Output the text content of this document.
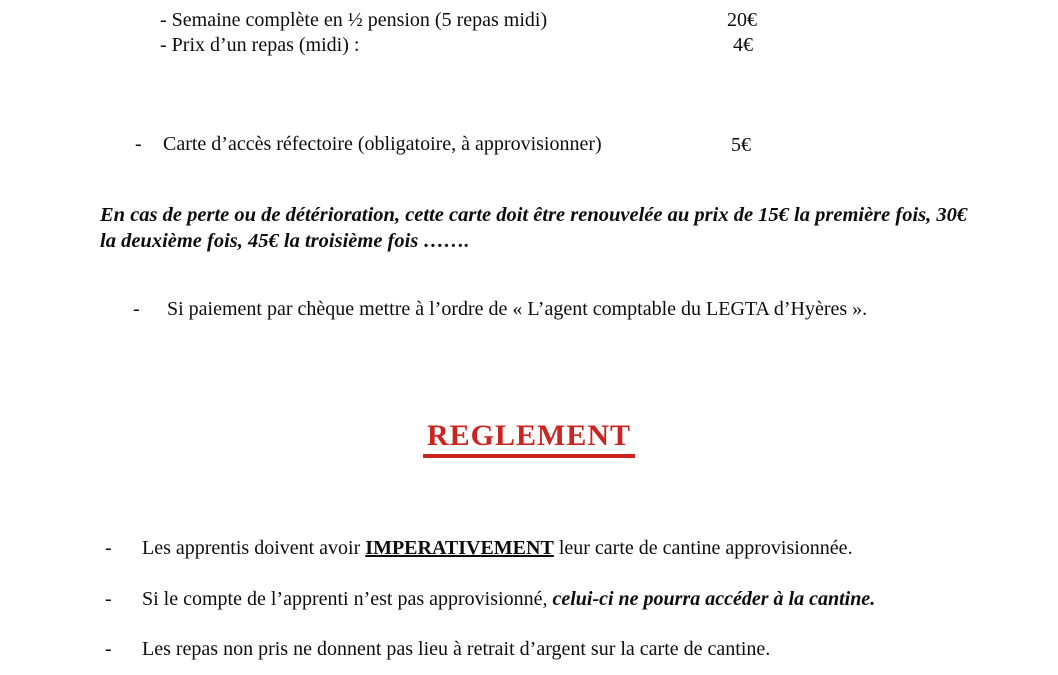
- Semaine complète en ½ pension (5 repas midi)	20€
- Prix d’un repas (midi) :	4€
- Carte d’accès réfectoire (obligatoire, à approvisionner)	5€
En cas de perte ou de détérioration, cette carte doit être renouvelée au prix de 15€ la première fois, 30€ la deuxième fois, 45€ la troisième fois …….
- Si paiement par chèque mettre à l’ordre de « L’agent comptable du LEGTA d’Hyères ».
REGLEMENT
- Les apprentis doivent avoir IMPERATIVEMENT leur carte de cantine approvisionnée.
- Si le compte de l’apprenti n’est pas approvisionné, celui-ci ne pourra accéder à la cantine.
- Les repas non pris ne donnent pas lieu à retrait d’argent sur la carte de cantine.
